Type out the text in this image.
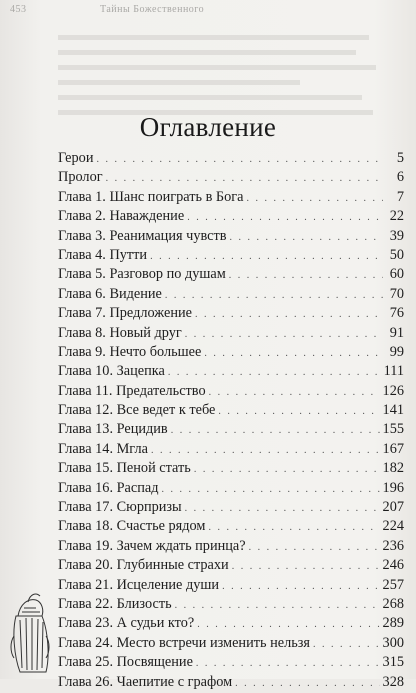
453	Тайны Божественного
Оглавление
Герои . . .	5
Пролог . . .	6
Глава 1. Шанс поиграть в Бога . . .	7
Глава 2. Наваждение . . .	22
Глава 3. Реанимация чувств . . .	39
Глава 4. Путти . . .	50
Глава 5. Разговор по душам . . .	60
Глава 6. Видение . . .	70
Глава 7. Предложение . . .	76
Глава 8. Новый друг . . .	91
Глава 9. Нечто большее . . .	99
Глава 10. Зацепка . . .	111
Глава 11. Предательство . . .	126
Глава 12. Все ведет к тебе . . .	141
Глава 13. Рецидив . . .	155
Глава 14. Мгла . . .	167
Глава 15. Пеной стать . . .	182
Глава 16. Распад . . .	196
Глава 17. Сюрпризы . . .	207
Глава 18. Счастье рядом . . .	224
Глава 19. Зачем ждать принца? . . .	236
Глава 20. Глубинные страхи . . .	246
Глава 21. Исцеление души . . .	257
Глава 22. Близость . . .	268
Глава 23. А судьи кто? . . .	289
Глава 24. Место встречи изменить нельзя . . .	300
Глава 25. Посвящение . . .	315
Глава 26. Чаепитие с графом . . .	328
